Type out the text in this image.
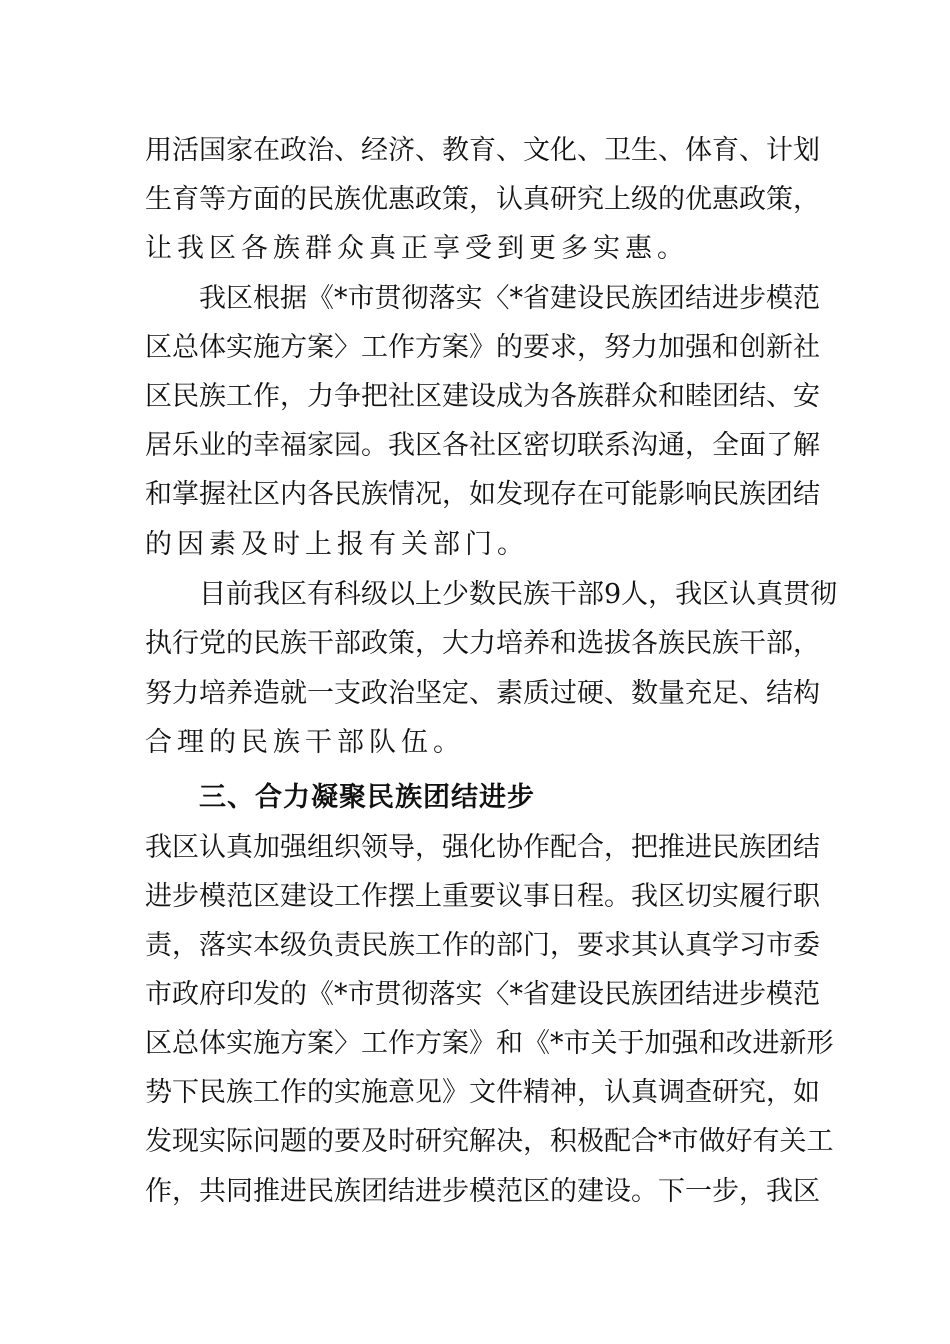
用活国家在政治、经济、教育、文化、卫生、体育、计划
生育等方面的民族优惠政策，认真研究上级的优惠政策，
让我区各族群众真正享受到更多实惠。
我区根据《*市贯彻落实〈*省建设民族团结进步模范
区总体实施方案〉工作方案》的要求，努力加强和创新社
区民族工作，力争把社区建设成为各族群众和睦团结、安
居乐业的幸福家园。我区各社区密切联系沟通，全面了解
和掌握社区内各民族情况，如发现存在可能影响民族团结
的因素及时上报有关部门。
目前我区有科级以上少数民族干部9人，我区认真贯彻
执行党的民族干部政策，大力培养和选拔各族民族干部，
努力培养造就一支政治坚定、素质过硬、数量充足、结构
合理的民族干部队伍。
三、合力凝聚民族团结进步
我区认真加强组织领导，强化协作配合，把推进民族团结
进步模范区建设工作摆上重要议事日程。我区切实履行职
责，落实本级负责民族工作的部门，要求其认真学习市委
市政府印发的《*市贯彻落实〈*省建设民族团结进步模范
区总体实施方案〉工作方案》和《*市关于加强和改进新形
势下民族工作的实施意见》文件精神，认真调查研究，如
发现实际问题的要及时研究解决，积极配合*市做好有关工
作，共同推进民族团结进步模范区的建设。下一步，我区
